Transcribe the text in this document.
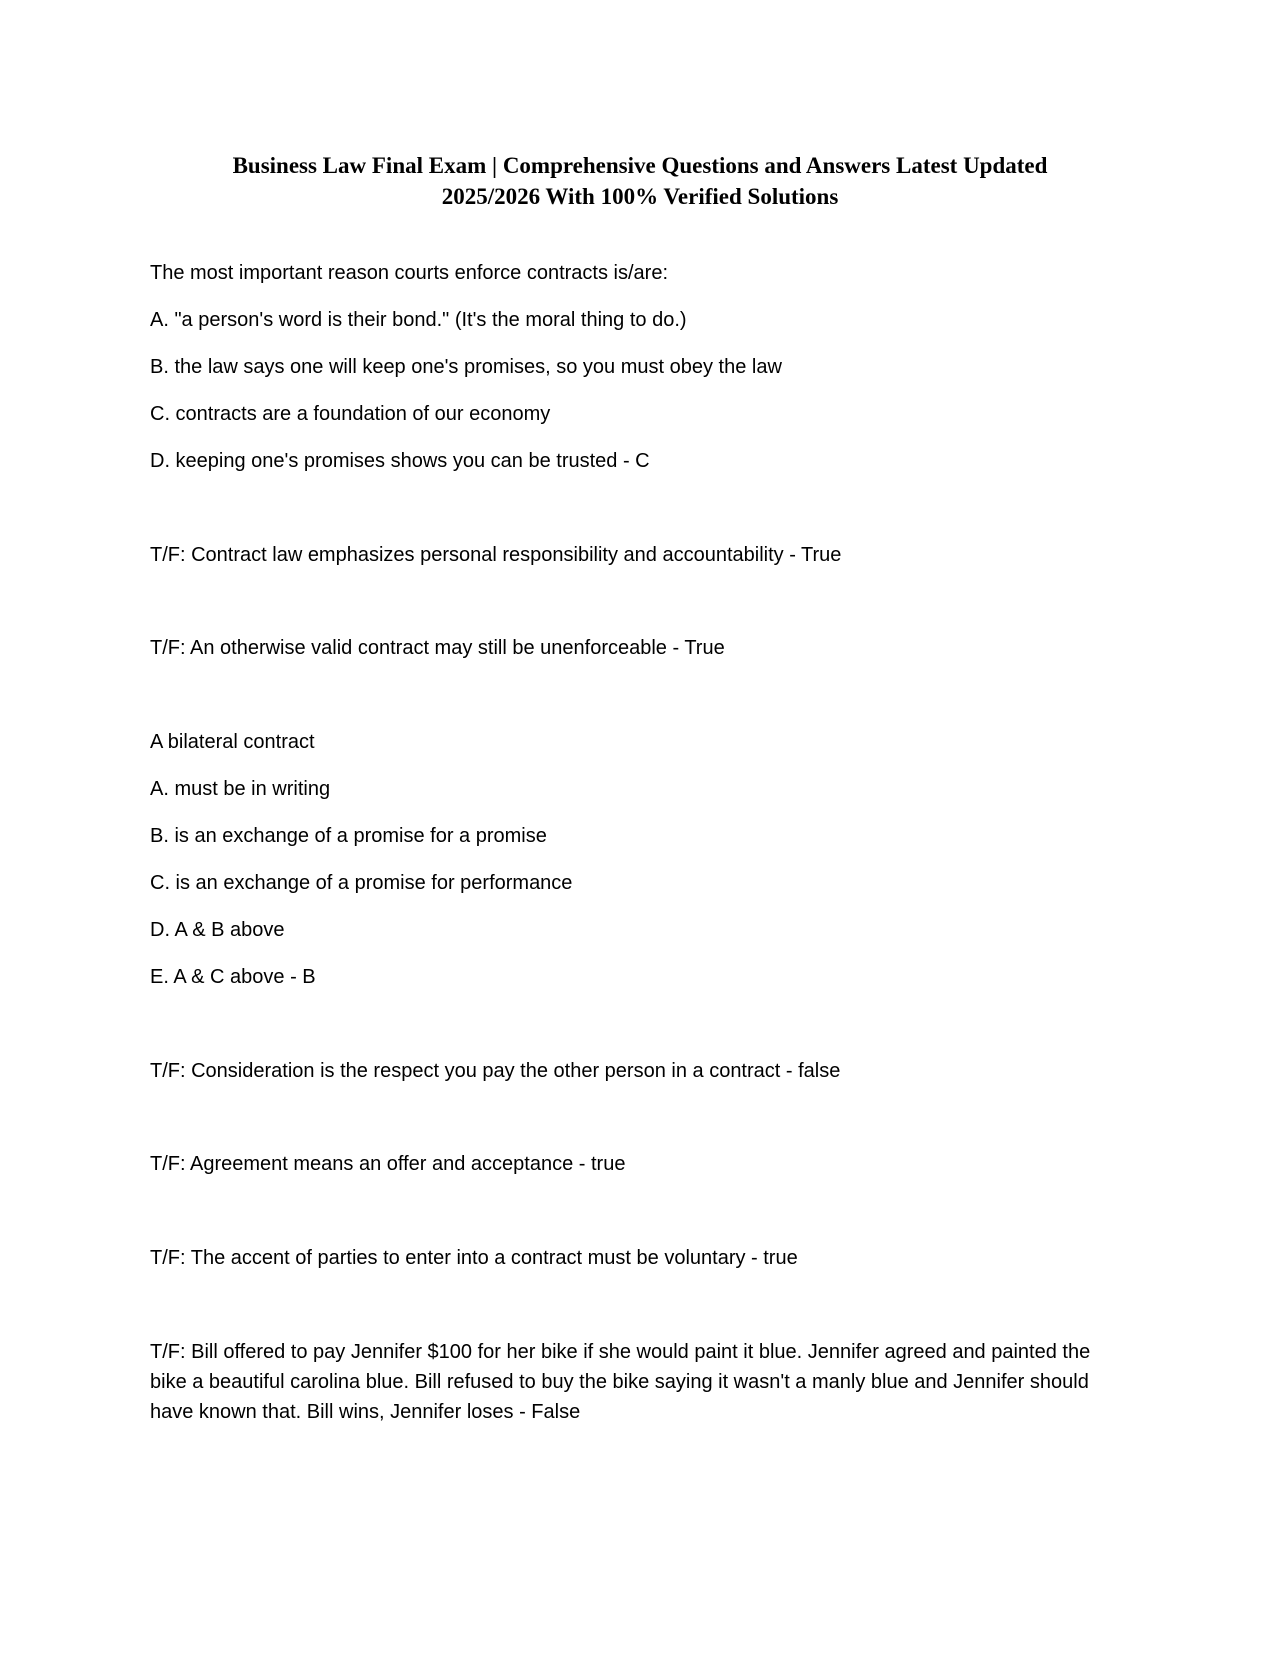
Business Law Final Exam | Comprehensive Questions and Answers Latest Updated
2025/2026 With 100% Verified Solutions
The most important reason courts enforce contracts is/are:
A. "a person's word is their bond." (It's the moral thing to do.)
B. the law says one will keep one's promises, so you must obey the law
C. contracts are a foundation of our economy
D. keeping one's promises shows you can be trusted - C
T/F: Contract law emphasizes personal responsibility and accountability - True
T/F: An otherwise valid contract may still be unenforceable - True
A bilateral contract
A. must be in writing
B. is an exchange of a promise for a promise
C. is an exchange of a promise for performance
D. A & B above
E. A & C above - B
T/F: Consideration is the respect you pay the other person in a contract - false
T/F: Agreement means an offer and acceptance - true
T/F: The accent of parties to enter into a contract must be voluntary - true
T/F: Bill offered to pay Jennifer $100 for her bike if she would paint it blue. Jennifer agreed and painted the bike a beautiful carolina blue. Bill refused to buy the bike saying it wasn't a manly blue and Jennifer should have known that. Bill wins, Jennifer loses - False
